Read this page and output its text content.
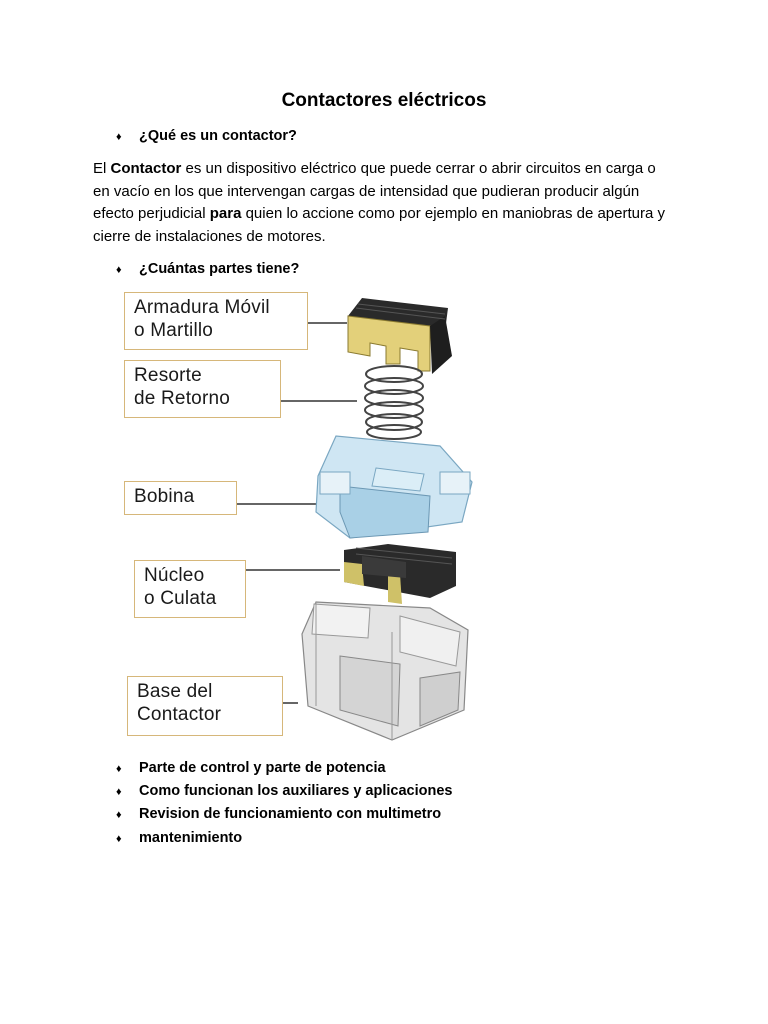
Contactores eléctricos
♦	¿Qué es un contactor?
El Contactor es un dispositivo eléctrico que puede cerrar o abrir circuitos en carga o en vacío en los que intervengan cargas de intensidad que pudieran producir algún efecto perjudicial para quien lo accione como por ejemplo en maniobras de apertura y cierre de instalaciones de motores.
♦	¿Cuántas partes tiene?
Armadura Móvil
o Martillo
Resorte
de Retorno
Bobina
Núcleo
o Culata
Base del
Contactor
♦	Parte de control y parte de potencia
♦	Como funcionan los auxiliares y aplicaciones
♦	Revision de funcionamiento con multimetro
♦	mantenimiento
